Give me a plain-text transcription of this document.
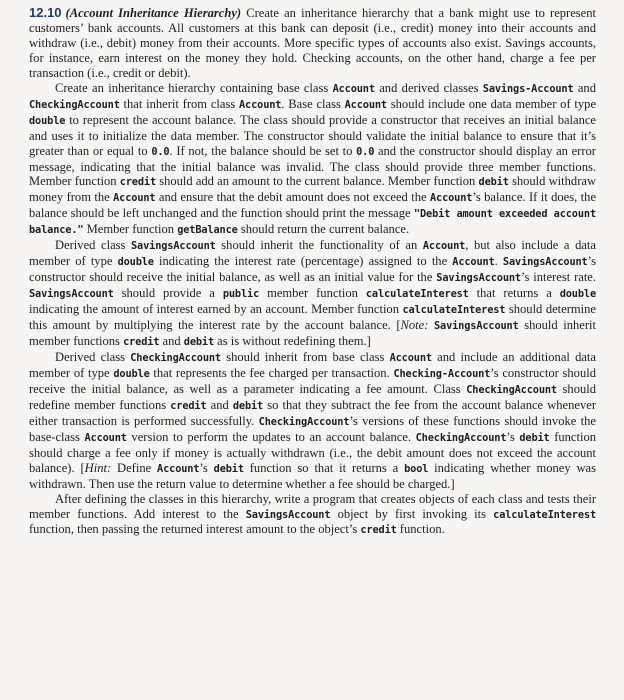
12.10 (Account Inheritance Hierarchy) Create an inheritance hierarchy that a bank might use to represent customers’ bank accounts. All customers at this bank can deposit (i.e., credit) money into their accounts and withdraw (i.e., debit) money from their accounts. More specific types of accounts also exist. Savings accounts, for instance, earn interest on the money they hold. Checking accounts, on the other hand, charge a fee per transaction (i.e., credit or debit).

Create an inheritance hierarchy containing base class Account and derived classes Savings‑Account and CheckingAccount that inherit from class Account. Base class Account should include one data member of type double to represent the account balance. The class should provide a constructor that receives an initial balance and uses it to initialize the data member. The constructor should validate the initial balance to ensure that it’s greater than or equal to 0.0. If not, the balance should be set to 0.0 and the constructor should display an error message, indicating that the initial balance was invalid. The class should provide three member functions. Member function credit should add an amount to the current balance. Member function debit should withdraw money from the Account and ensure that the debit amount does not exceed the Account’s balance. If it does, the balance should be left unchanged and the function should print the message "Debit amount exceeded account balance." Member function getBalance should return the current balance.

Derived class SavingsAccount should inherit the functionality of an Account, but also include a data member of type double indicating the interest rate (percentage) assigned to the Account. SavingsAccount’s constructor should receive the initial balance, as well as an initial value for the SavingsAccount’s interest rate. SavingsAccount should provide a public member function calculateInterest that returns a double indicating the amount of interest earned by an account. Member function calculateInterest should determine this amount by multiplying the interest rate by the account balance. [Note: SavingsAccount should inherit member functions credit and debit as is without redefining them.]

Derived class CheckingAccount should inherit from base class Account and include an additional data member of type double that represents the fee charged per transaction. Checking‑Account’s constructor should receive the initial balance, as well as a parameter indicating a fee amount. Class CheckingAccount should redefine member functions credit and debit so that they subtract the fee from the account balance whenever either transaction is performed successfully. CheckingAccount’s versions of these functions should invoke the base-class Account version to perform the updates to an account balance. CheckingAccount’s debit function should charge a fee only if money is actually withdrawn (i.e., the debit amount does not exceed the account balance). [Hint: Define Account’s debit function so that it returns a bool indicating whether money was withdrawn. Then use the return value to determine whether a fee should be charged.]

After defining the classes in this hierarchy, write a program that creates objects of each class and tests their member functions. Add interest to the SavingsAccount object by first invoking its calculateInterest function, then passing the returned interest amount to the object’s credit function.
